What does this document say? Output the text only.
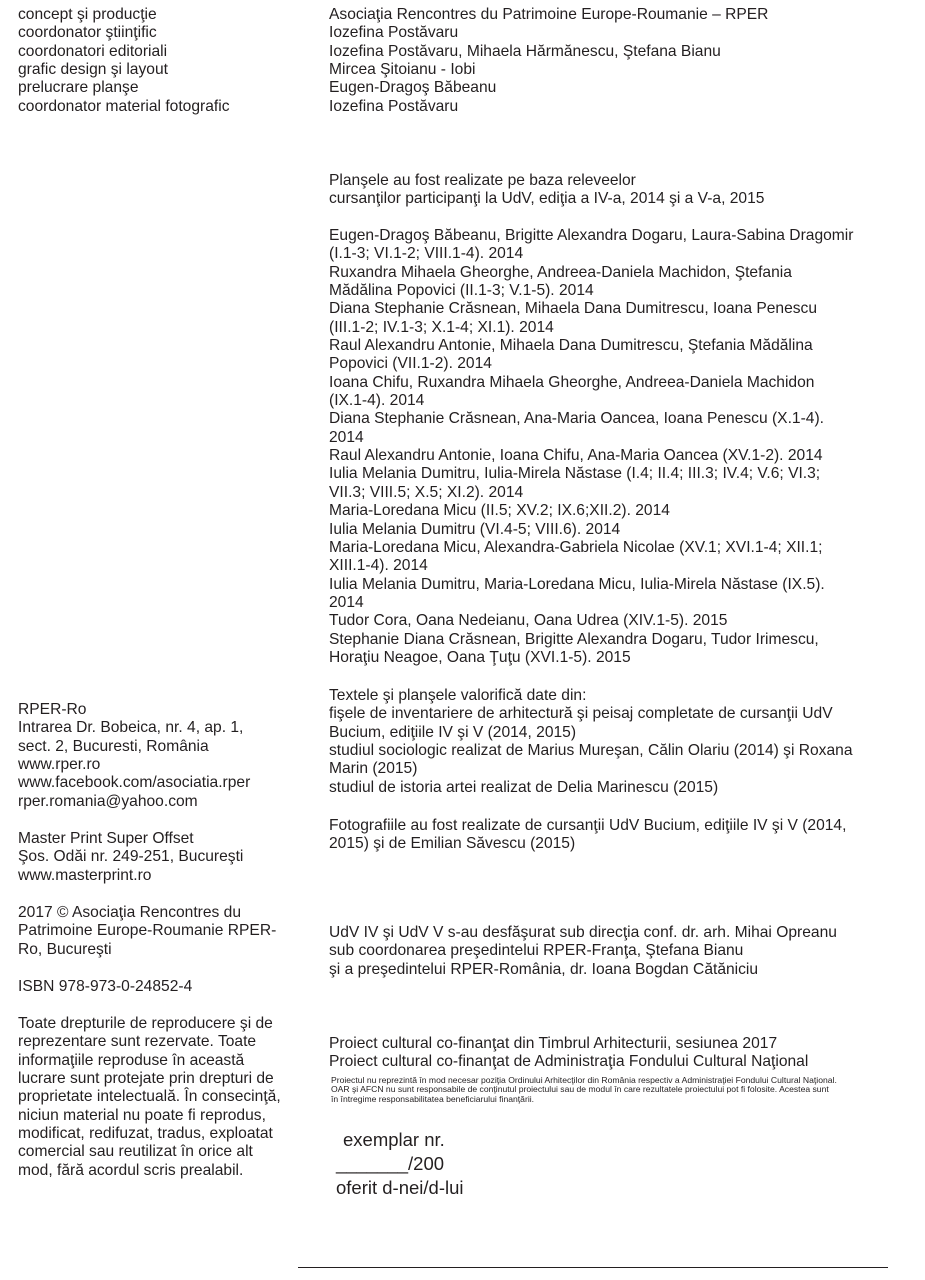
concept şi producţie
coordonator ştiinţific
coordonatori editoriali
grafic design şi layout
prelucrare planşe
coordonator material fotografic
Asociaţia Rencontres du Patrimoine Europe-Roumanie – RPER
Iozefina Postăvaru
Iozefina Postăvaru, Mihaela Hărmănescu, Ştefana Bianu
Mircea Şitoianu - Iobi
Eugen-Dragoş Băbeanu
Iozefina Postăvaru
Planşele au fost realizate pe baza releveelor
cursanţilor participanţi la UdV, ediţia a IV-a, 2014 şi a V-a, 2015
Eugen-Dragoş Băbeanu, Brigitte Alexandra Dogaru, Laura-Sabina Dragomir
(I.1-3; VI.1-2; VIII.1-4). 2014
Ruxandra Mihaela Gheorghe, Andreea-Daniela Machidon, Ştefania
Mădălina Popovici (II.1-3; V.1-5). 2014
Diana Stephanie Crăsnean, Mihaela Dana Dumitrescu, Ioana Penescu
(III.1-2; IV.1-3; X.1-4; XI.1). 2014
Raul Alexandru Antonie, Mihaela Dana Dumitrescu, Ştefania Mădălina
Popovici (VII.1-2). 2014
Ioana Chifu, Ruxandra Mihaela Gheorghe, Andreea-Daniela Machidon
(IX.1-4). 2014
Diana Stephanie Crăsnean, Ana-Maria Oancea, Ioana Penescu (X.1-4).
2014
Raul Alexandru Antonie, Ioana Chifu, Ana-Maria Oancea (XV.1-2). 2014
Iulia Melania Dumitru, Iulia-Mirela Năstase (I.4; II.4; III.3; IV.4; V.6; VI.3;
VII.3; VIII.5; X.5; XI.2). 2014
Maria-Loredana Micu (II.5; XV.2; IX.6;XII.2). 2014
Iulia Melania Dumitru (VI.4-5; VIII.6). 2014
Maria-Loredana Micu, Alexandra-Gabriela Nicolae (XV.1; XVI.1-4; XII.1;
XIII.1-4). 2014
Iulia Melania Dumitru, Maria-Loredana Micu, Iulia-Mirela Năstase (IX.5).
2014
Tudor Cora, Oana Nedeianu, Oana Udrea (XIV.1-5). 2015
Stephanie Diana Crăsnean, Brigitte Alexandra Dogaru, Tudor Irimescu,
Horaţiu Neagoe, Oana Ţuţu (XVI.1-5). 2015
Textele şi planşele valorifică date din:
fişele de inventariere de arhitectură şi peisaj completate de cursanţii UdV
Bucium, ediţiile IV şi V (2014, 2015)
studiul sociologic realizat de Marius Mureşan, Călin Olariu (2014) şi Roxana
Marin (2015)
studiul de istoria artei realizat de Delia Marinescu (2015)
Fotografiile au fost realizate de cursanţii UdV Bucium, ediţiile IV şi V (2014,
2015) şi de Emilian Săvescu (2015)
UdV IV şi UdV V s-au desfăşurat sub direcţia conf. dr. arh. Mihai Opreanu
sub coordonarea preşedintelui RPER-Franţa, Ştefana Bianu
şi a preşedintelui RPER-România, dr. Ioana Bogdan Cătăniciu
Proiect cultural co-finanţat din Timbrul Arhitecturii, sesiunea 2017
Proiect cultural co-finanţat de Administraţia Fondului Cultural Naţional
Proiectul nu reprezintă în mod necesar poziţia Ordinului Arhitecţilor din România respectiv a Administraţiei Fondului Cultural Naţional.
OAR şi AFCN nu sunt responsabile de conţinutul proiectului sau de modul în care rezultatele proiectului pot fi folosite. Acestea sunt
în întregime responsabilitatea beneficiarului finanţării.
exemplar nr.
_______/200
oferit d-nei/d-lui
RPER-Ro
Intrarea Dr. Bobeica, nr. 4, ap. 1,
sect. 2, Bucuresti, România
www.rper.ro
www.facebook.com/asociatia.rper
rper.romania@yahoo.com
Master Print Super Offset
Şos. Odăi nr. 249-251, Bucureşti
www.masterprint.ro
2017 © Asociaţia Rencontres du
Patrimoine Europe-Roumanie RPER-
Ro, Bucureşti
ISBN 978-973-0-24852-4
Toate drepturile de reproducere şi de
reprezentare sunt rezervate. Toate
informaţiile reproduse în această
lucrare sunt protejate prin drepturi de
proprietate intelectuală. În consecinţă,
niciun material nu poate fi reprodus,
modificat, redifuzat, tradus, exploatat
comercial sau reutilizat în orice alt
mod, fără acordul scris prealabil.
